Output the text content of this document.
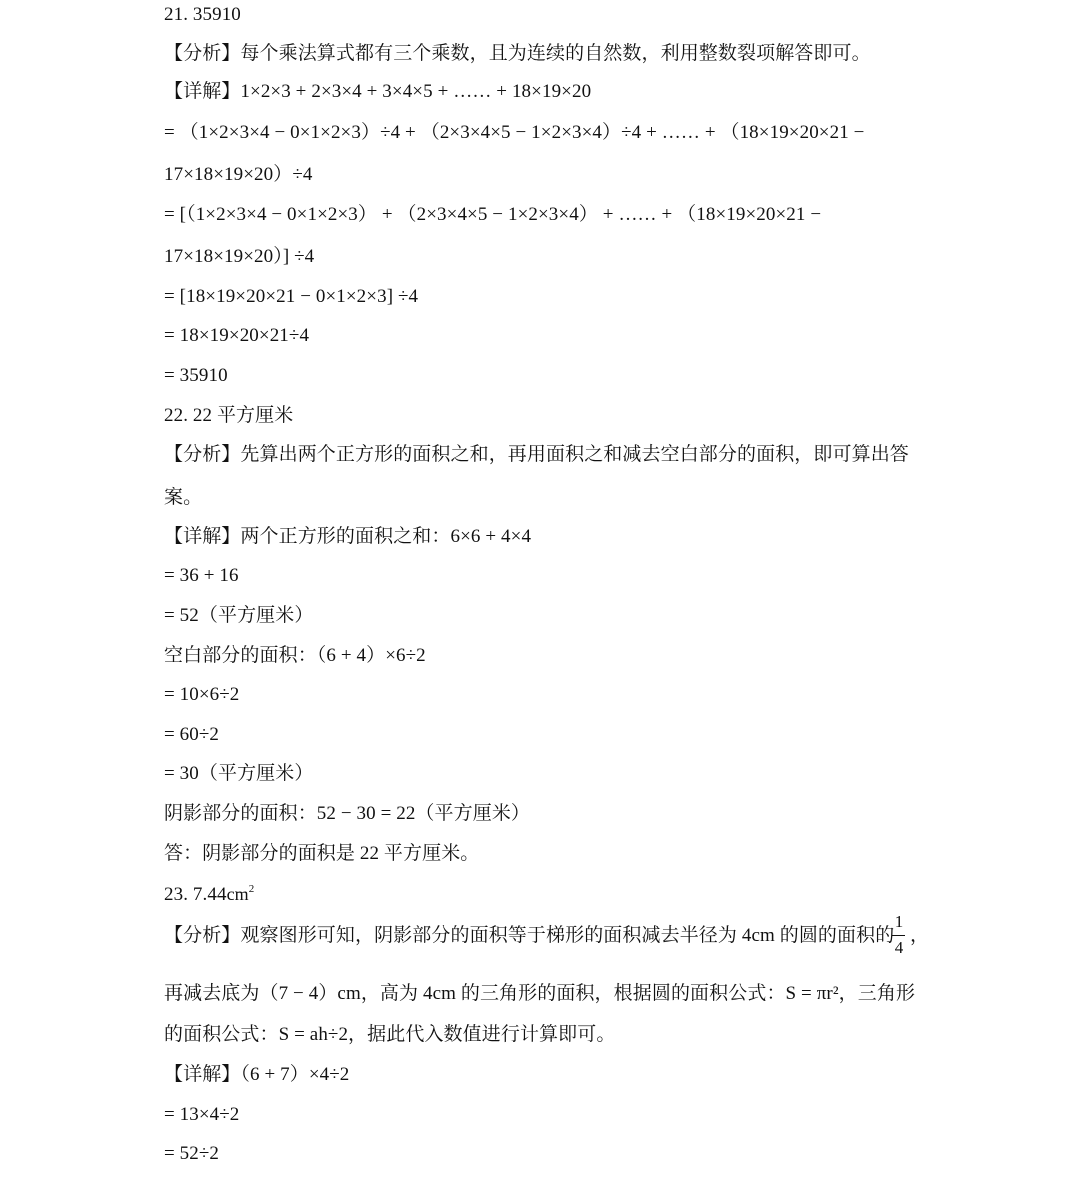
21. 35910
【分析】每个乘法算式都有三个乘数，且为连续的自然数，利用整数裂项解答即可。
【详解】1×2×3 + 2×3×4 + 3×4×5 + …… + 18×19×20
= （1×2×3×4 − 0×1×2×3）÷4 + （2×3×4×5 − 1×2×3×4）÷4 + …… + （18×19×20×21 −
17×18×19×20）÷4
= [（1×2×3×4 − 0×1×2×3） + （2×3×4×5 − 1×2×3×4） + …… + （18×19×20×21 −
17×18×19×20）] ÷4
= [18×19×20×21 − 0×1×2×3] ÷4
= 18×19×20×21÷4
= 35910
22. 22 平方厘米
【分析】先算出两个正方形的面积之和，再用面积之和减去空白部分的面积，即可算出答
案。
【详解】两个正方形的面积之和：6×6 + 4×4
= 36 + 16
= 52（平方厘米）
空白部分的面积：（6 + 4）×6÷2
= 10×6÷2
= 60÷2
= 30（平方厘米）
阴影部分的面积：52 − 30 = 22（平方厘米）
答：阴影部分的面积是 22 平方厘米。
23. $7.44cm^2$
【分析】观察图形可知，阴影部分的面积等于梯形的面积减去半径为 4cm 的圆的面积的
1
4
，
再减去底为（7 − 4）cm，高为 4cm 的三角形的面积，根据圆的面积公式：S = πr²，三角形
的面积公式：S = ah÷2，据此代入数值进行计算即可。
【详解】（6 + 7）×4÷2
= 13×4÷2
= 52÷2
